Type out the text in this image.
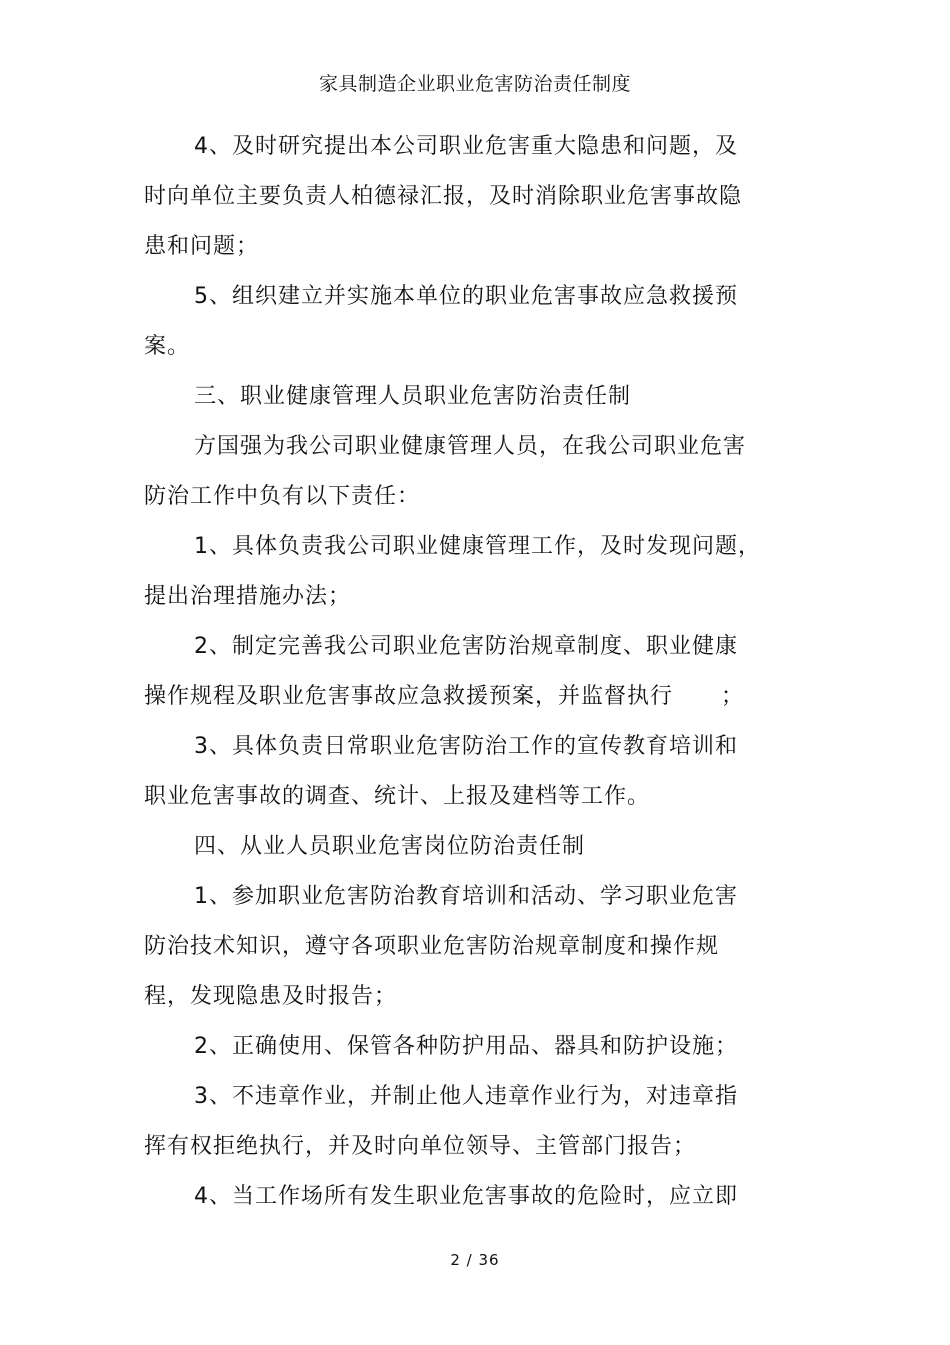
家具制造企业职业危害防治责任制度
4、及时研究提出本公司职业危害重大隐患和问题，及
时向单位主要负责人柏德禄汇报，及时消除职业危害事故隐
患和问题；
5、组织建立并实施本单位的职业危害事故应急救援预
案。
三、职业健康管理人员职业危害防治责任制
方国强为我公司职业健康管理人员，在我公司职业危害
防治工作中负有以下责任：
1、具体负责我公司职业健康管理工作，及时发现问题，
提出治理措施办法；
2、制定完善我公司职业危害防治规章制度、职业健康
操作规程及职业危害事故应急救援预案，并监督执行 ；
3、具体负责日常职业危害防治工作的宣传教育培训和
职业危害事故的调查、统计、上报及建档等工作。
四、从业人员职业危害岗位防治责任制
1、参加职业危害防治教育培训和活动、学习职业危害
防治技术知识，遵守各项职业危害防治规章制度和操作规
程，发现隐患及时报告；
2、正确使用、保管各种防护用品、器具和防护设施；
3、不违章作业，并制止他人违章作业行为，对违章指
挥有权拒绝执行，并及时向单位领导、主管部门报告；
4、当工作场所有发生职业危害事故的危险时，应立即
2 / 36
